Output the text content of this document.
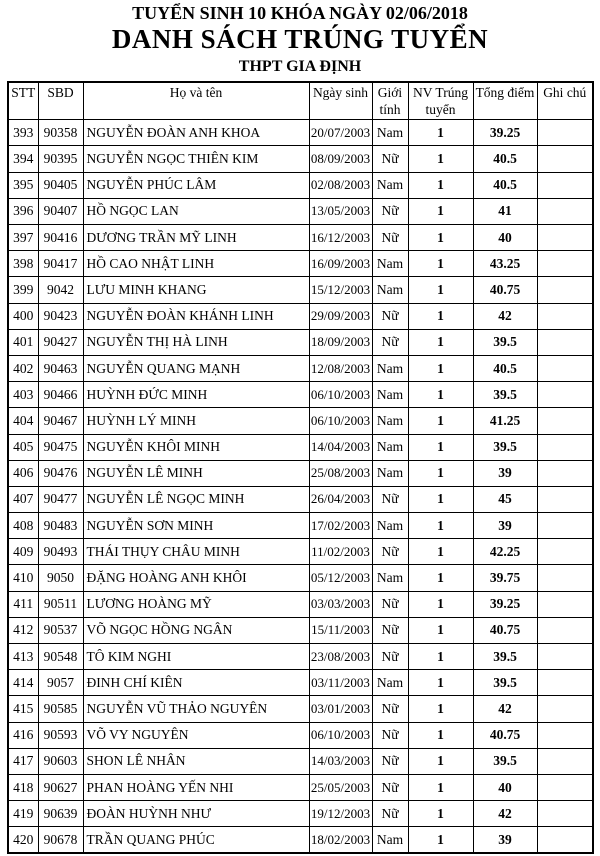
TUYỂN SINH 10 KHÓA NGÀY 02/06/2018
DANH SÁCH TRÚNG TUYỂN
THPT GIA ĐỊNH
STT	SBD	Họ và tên	Ngày sinh	Giới tính	NV Trúng tuyển	Tổng điểm	Ghi chú
393	90358	NGUYỄN ĐOÀN ANH KHOA	20/07/2003	Nam	1	39.25	
394	90395	NGUYỄN NGỌC THIÊN KIM	08/09/2003	Nữ	1	40.5	
395	90405	NGUYỄN PHÚC LÂM	02/08/2003	Nam	1	40.5	
396	90407	HỒ NGỌC LAN	13/05/2003	Nữ	1	41	
397	90416	DƯƠNG TRẦN MỸ LINH	16/12/2003	Nữ	1	40	
398	90417	HỒ CAO NHẬT LINH	16/09/2003	Nam	1	43.25	
399	9042	LƯU MINH KHANG	15/12/2003	Nam	1	40.75	
400	90423	NGUYỄN ĐOÀN KHÁNH LINH	29/09/2003	Nữ	1	42	
401	90427	NGUYỄN THỊ HÀ LINH	18/09/2003	Nữ	1	39.5	
402	90463	NGUYỄN QUANG MẠNH	12/08/2003	Nam	1	40.5	
403	90466	HUỲNH ĐỨC MINH	06/10/2003	Nam	1	39.5	
404	90467	HUỲNH LÝ MINH	06/10/2003	Nam	1	41.25	
405	90475	NGUYỄN KHÔI MINH	14/04/2003	Nam	1	39.5	
406	90476	NGUYỄN LÊ MINH	25/08/2003	Nam	1	39	
407	90477	NGUYỄN LÊ NGỌC MINH	26/04/2003	Nữ	1	45	
408	90483	NGUYỄN SƠN MINH	17/02/2003	Nam	1	39	
409	90493	THÁI THỤY CHÂU MINH	11/02/2003	Nữ	1	42.25	
410	9050	ĐẶNG HOÀNG ANH KHÔI	05/12/2003	Nam	1	39.75	
411	90511	LƯƠNG HOÀNG MỸ	03/03/2003	Nữ	1	39.25	
412	90537	VÕ NGỌC HỒNG NGÂN	15/11/2003	Nữ	1	40.75	
413	90548	TÔ KIM NGHI	23/08/2003	Nữ	1	39.5	
414	9057	ĐINH CHÍ KIÊN	03/11/2003	Nam	1	39.5	
415	90585	NGUYỄN VŨ THẢO NGUYÊN	03/01/2003	Nữ	1	42	
416	90593	VÕ VY NGUYÊN	06/10/2003	Nữ	1	40.75	
417	90603	SHON LÊ NHÂN	14/03/2003	Nữ	1	39.5	
418	90627	PHAN HOÀNG YẾN NHI	25/05/2003	Nữ	1	40	
419	90639	ĐOÀN HUỲNH NHƯ	19/12/2003	Nữ	1	42	
420	90678	TRẦN QUANG PHÚC	18/02/2003	Nam	1	39	
